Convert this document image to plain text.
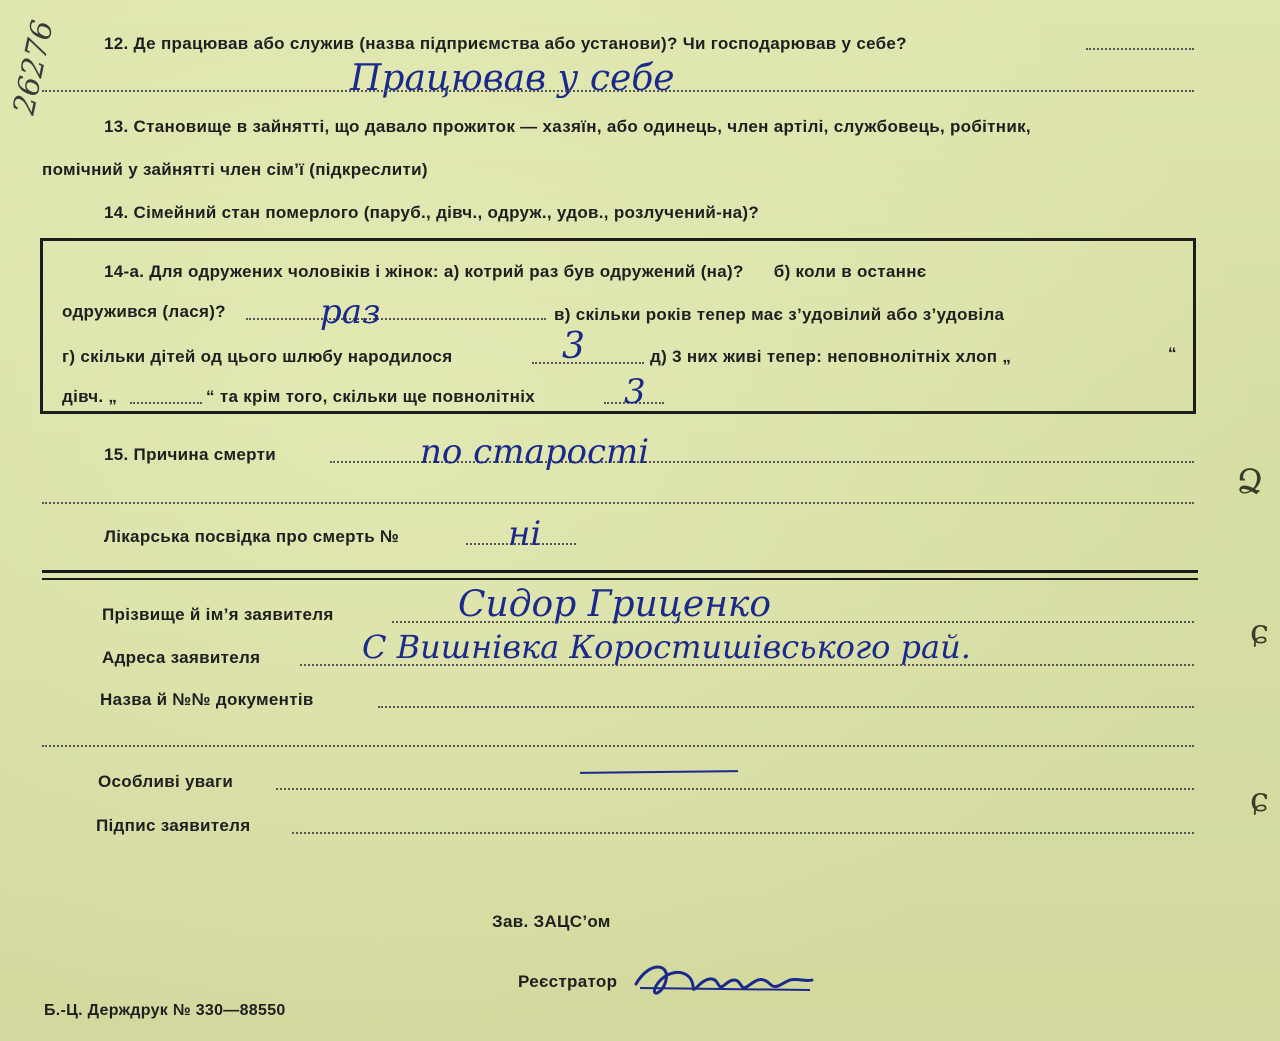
26276	12. Де працював або служив (назва підприємства або установи)? Чи господарював у себе?
Працював у себе
13. Становище в зайнятті, що давало прожиток — хазяїн, або одинець, член артілі, службовець, робітник,
помічний у зайнятті член сім’ї (підкреслити)
14. Сімейний стан померлого (паруб., дівч., одруж., удов., розлучений-на)?
14-а. Для одружених чоловіків і жінок: а) котрий раз був одружений (на)?      б) коли в останнє
одружився (лася)?	раз	в) скільки років тепер має з’удовілий або з’удовіла
г) скільки дітей од цього шлюбу народилося	3	д) 3 них живі тепер: неповнолітніх хлоп „	“
дівч. „	“ та крім того, скільки ще повнолітніх	3
15. Причина смерти	по старості
Лікарська посвідка про смерть №	ні
Прізвище й ім’я заявителя	Сидор Гриценко
Адреса заявителя	С Вишнівка Коростишівського рай.
Назва й №№ документів
Особливі уваги
Підпис заявителя
Зав. ЗАЦС’ом
Реєстратор
Б.-Ц. Держдрук № 330—88550
Ձ
ɕ
ɕ
